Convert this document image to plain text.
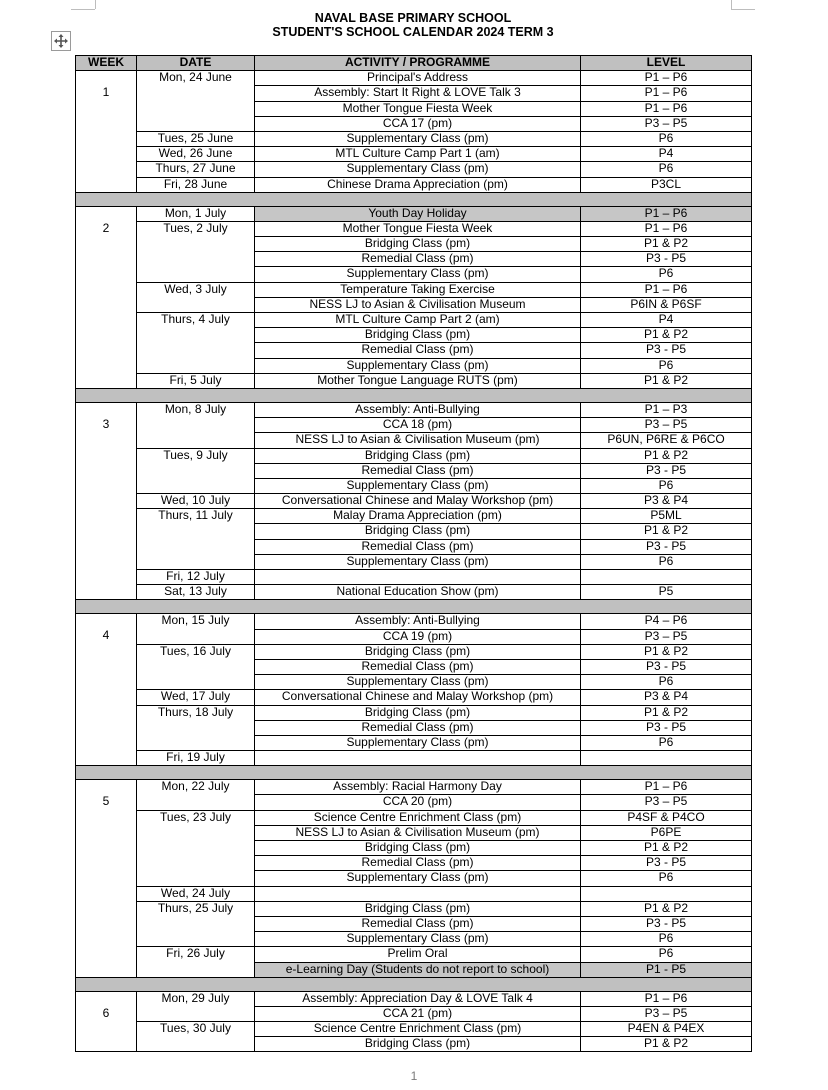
NAVAL BASE PRIMARY SCHOOL
STUDENT'S SCHOOL CALENDAR 2024 TERM 3
WEEK	DATE	ACTIVITY / PROGRAMME	LEVEL

1	Mon, 24 June	Principal's Address	P1 – P6
		Assembly: Start It Right & LOVE Talk 3	P1 – P6
		Mother Tongue Fiesta Week	P1 – P6
		CCA 17 (pm)	P3 – P5
	Tues, 25 June	Supplementary Class (pm)	P6
	Wed, 26 June	MTL Culture Camp Part 1 (am)	P4
	Thurs, 27 June	Supplementary Class (pm)	P6
	Fri, 28 June	Chinese Drama Appreciation (pm)	P3CL

2	Mon, 1 July	Youth Day Holiday	P1 – P6
	Tues, 2 July	Mother Tongue Fiesta Week	P1 – P6
		Bridging Class (pm)	P1 & P2
		Remedial Class (pm)	P3 - P5
		Supplementary Class (pm)	P6
	Wed, 3 July	Temperature Taking Exercise	P1 – P6
		NESS LJ to Asian & Civilisation Museum	P6IN & P6SF
	Thurs, 4 July	MTL Culture Camp Part 2 (am)	P4
		Bridging Class (pm)	P1 & P2
		Remedial Class (pm)	P3 - P5
		Supplementary Class (pm)	P6
	Fri, 5 July	Mother Tongue Language RUTS (pm)	P1 & P2

3	Mon, 8 July	Assembly: Anti-Bullying	P1 – P3
		CCA 18 (pm)	P3 – P5
		NESS LJ to Asian & Civilisation Museum (pm)	P6UN, P6RE & P6CO
	Tues, 9 July	Bridging Class (pm)	P1 & P2
		Remedial Class (pm)	P3 - P5
		Supplementary Class (pm)	P6
	Wed, 10 July	Conversational Chinese and Malay Workshop (pm)	P3 & P4
	Thurs, 11 July	Malay Drama Appreciation (pm)	P5ML
		Bridging Class (pm)	P1 & P2
		Remedial Class (pm)	P3 - P5
		Supplementary Class (pm)	P6
	Fri, 12 July		
	Sat, 13 July	National Education Show (pm)	P5

4	Mon, 15 July	Assembly: Anti-Bullying	P4 – P6
		CCA 19 (pm)	P3 – P5
	Tues, 16 July	Bridging Class (pm)	P1 & P2
		Remedial Class (pm)	P3 - P5
		Supplementary Class (pm)	P6
	Wed, 17 July	Conversational Chinese and Malay Workshop (pm)	P3 & P4
	Thurs, 18 July	Bridging Class (pm)	P1 & P2
		Remedial Class (pm)	P3 - P5
		Supplementary Class (pm)	P6
	Fri, 19 July		

5	Mon, 22 July	Assembly: Racial Harmony Day	P1 – P6
		CCA 20 (pm)	P3 – P5
	Tues, 23 July	Science Centre Enrichment Class (pm)	P4SF & P4CO
		NESS LJ to Asian & Civilisation Museum (pm)	P6PE
		Bridging Class (pm)	P1 & P2
		Remedial Class (pm)	P3 - P5
		Supplementary Class (pm)	P6
	Wed, 24 July		
	Thurs, 25 July	Bridging Class (pm)	P1 & P2
		Remedial Class (pm)	P3 - P5
		Supplementary Class (pm)	P6
	Fri, 26 July	Prelim Oral	P6
		e-Learning Day (Students do not report to school)	P1 - P5

6	Mon, 29 July	Assembly: Appreciation Day & LOVE Talk 4	P1 – P6
		CCA 21 (pm)	P3 – P5
	Tues, 30 July	Science Centre Enrichment Class (pm)	P4EN & P4EX
		Bridging Class (pm)	P1 & P2
1
